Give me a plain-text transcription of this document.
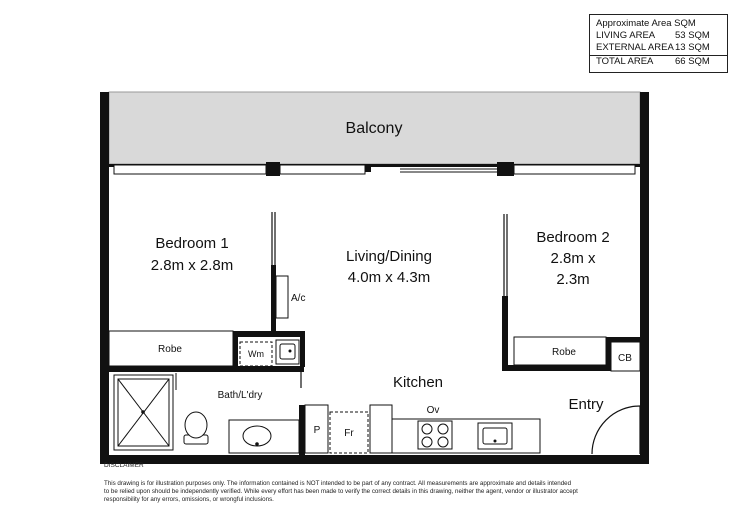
Approximate Area SQM
LIVING AREA 53 SQM
EXTERNAL AREA 13 SQM
TOTAL AREA 66 SQM
Balcony
Robe	Robe
A/c
CB
Wm
Bath/L'dry
P Fr
Ov
Bedroom 1
2.8m x 2.8m
Living/Dining
4.0m x 4.3m
Bedroom 2
2.8m x
2.3m
Kitchen
Entry
DISCLAIMER
This drawing is for illustration purposes only. The information contained is NOT intended to be part of any contract. All measurements are approximate and details intended
to be relied upon should be independently verified. While every effort has been made to verify the correct details in this drawing, neither the agent, vendor or illustrator accept
responsibility for any errors, omissions, or wrongful inclusions.
